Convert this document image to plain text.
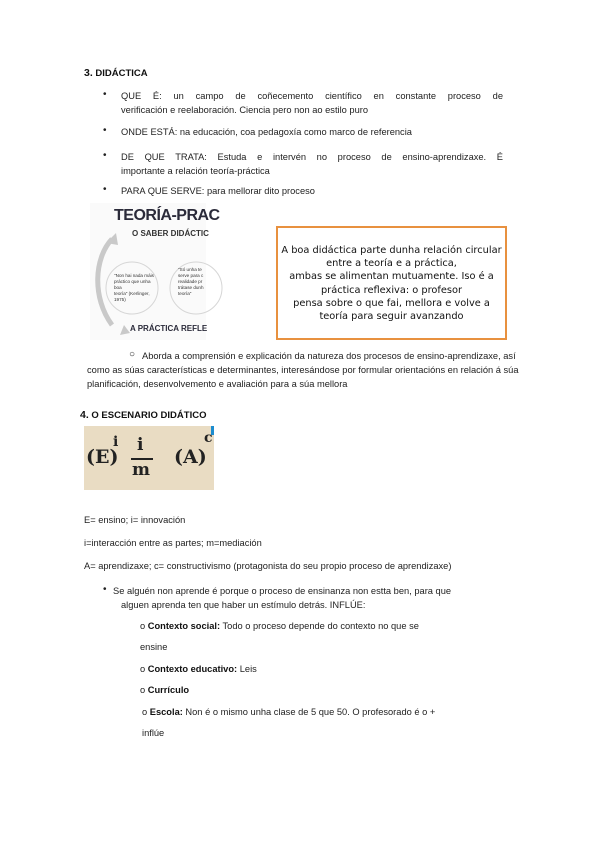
3. DIDÁCTICA
• QUE É: un campo de coñecemento científico en constante proceso de
verificación e reelaboración. Ciencia pero non ao estilo puro
• ONDE ESTÁ: na educación, coa pedagoxía como marco de referencia
• DE QUE TRATA: Estuda e intervén no proceso de ensino-aprendizaxe. É
importante a relación teoría-práctica
• PARA QUE SERVE: para mellorar dito proceso
TEORÍA-PRAC
O SABER DIDÁCTIC
"Non hai nada máis
práctico que unha boa
teoría" (Kerlinger,
1975)
"Só unha te
serve para c
realidade pr
trátase dunh
teoría"
A PRÁCTICA REFLE
A boa didáctica parte dunha relación circular
entre a teoría e a práctica,
ambas se alimentan mutuamente. Iso é a
práctica reflexiva: o profesor
pensa sobre o que fai, mellora e volve a
teoría para seguir avanzando
○ Aborda a comprensión e explicación da natureza dos procesos de ensino-aprendizaxe, así
como as súas características e determinantes, interesándose por formular orientacións en relación á súa
planificación, desenvolvemento e avaliación para a súa mellora
4. O ESCENARIO DIDÁTICO
(E)
i i
m
(A)
c
E= ensino; i= innovación
i=interacción entre as partes; m=mediación
A= aprendizaxe; c= constructivismo (protagonista do seu propio proceso de aprendizaxe)
• Se alguén non aprende é porque o proceso de ensinanza non estta ben, para que
alguen aprenda ten que haber un estímulo detrás. INFLÚE:
o Contexto social: Todo o proceso depende do contexto no que se
ensine
o Contexto educativo: Leis
o Currículo
o Escola: Non é o mismo unha clase de 5 que 50. O profesorado é o +
inflúe
